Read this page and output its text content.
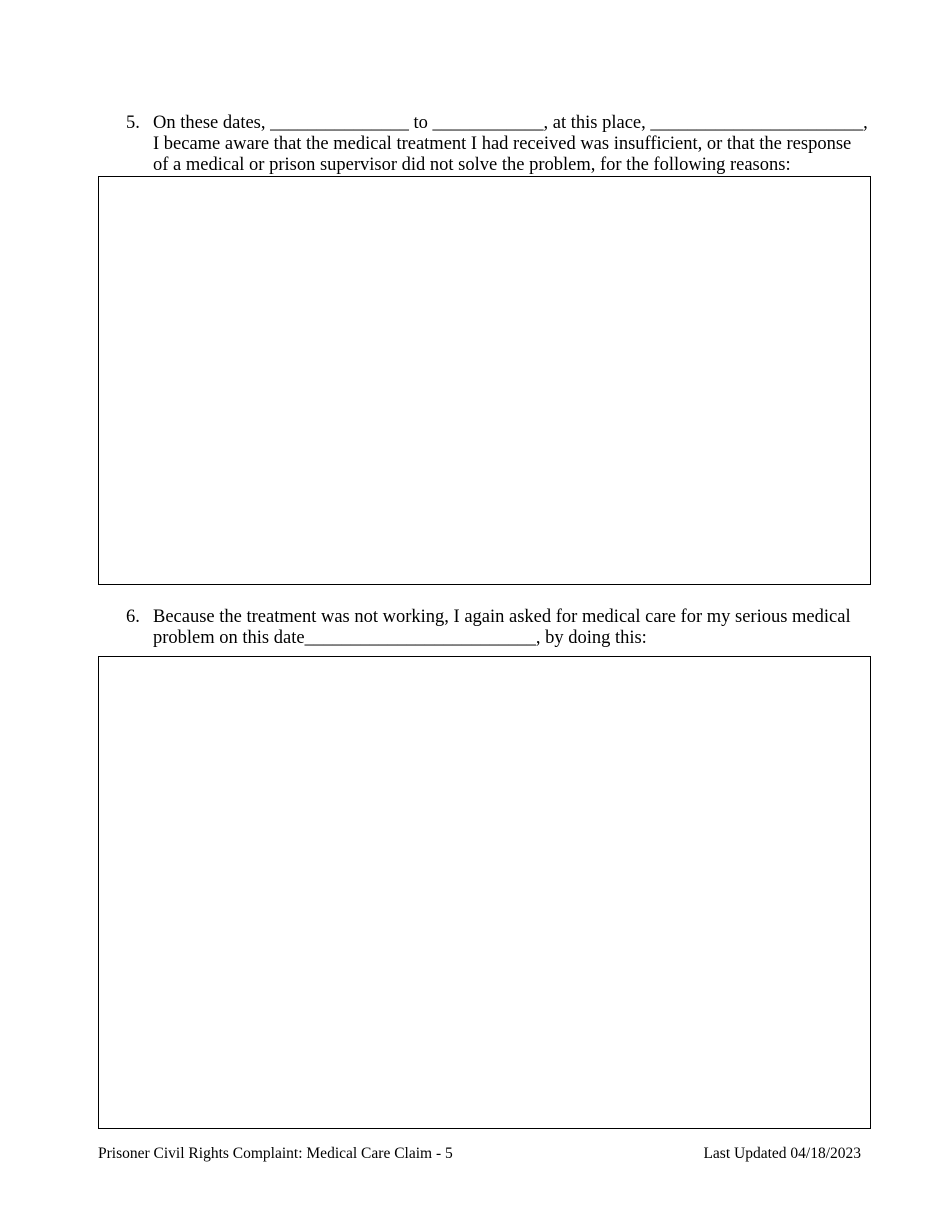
5. On these dates, _______________ to ____________, at this place, _______________________,
I became aware that the medical treatment I had received was insufficient, or that the response
of a medical or prison supervisor did not solve the problem, for the following reasons:
6. Because the treatment was not working, I again asked for medical care for my serious medical
problem on this date_________________________, by doing this:
Prisoner Civil Rights Complaint: Medical Care Claim - 5	Last Updated 04/18/2023
